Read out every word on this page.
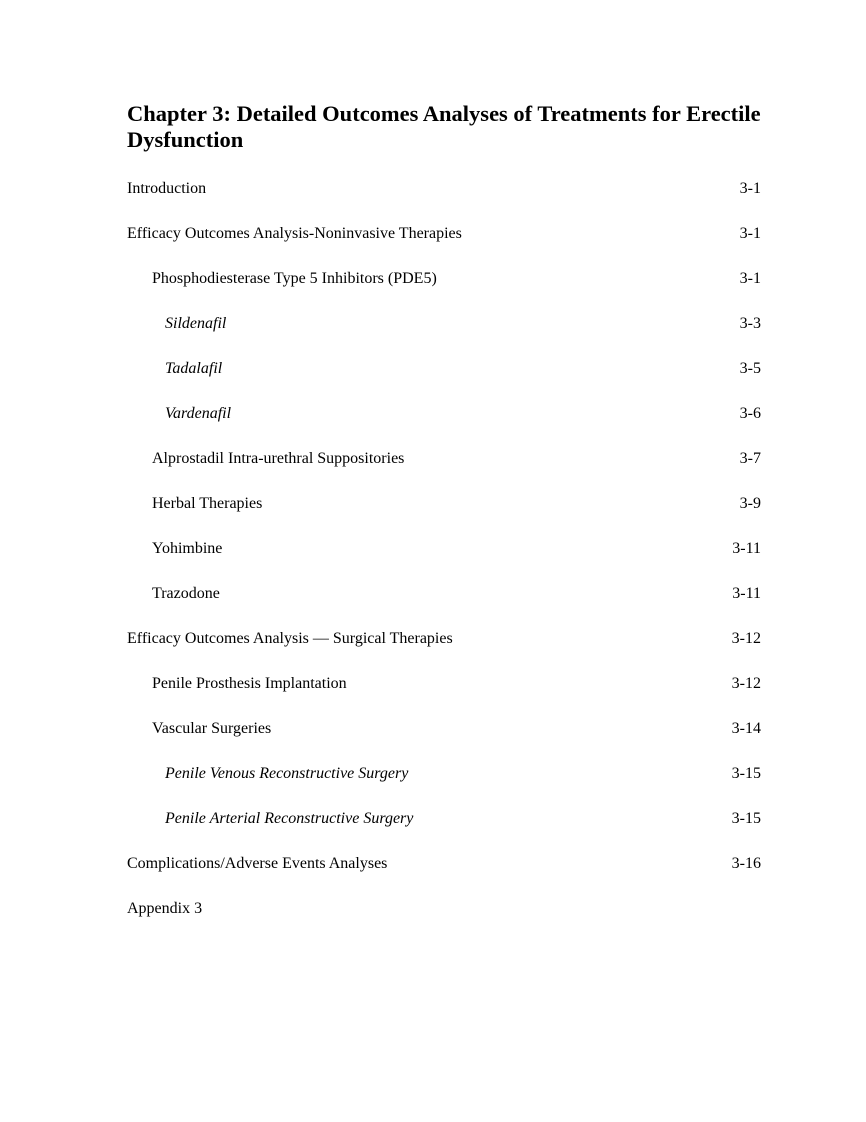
Chapter 3: Detailed Outcomes Analyses of Treatments for Erectile Dysfunction
Introduction	3-1
Efficacy Outcomes Analysis-Noninvasive Therapies	3-1
Phosphodiesterase Type 5 Inhibitors (PDE5)	3-1
Sildenafil	3-3
Tadalafil	3-5
Vardenafil	3-6
Alprostadil Intra-urethral Suppositories	3-7
Herbal Therapies	3-9
Yohimbine	3-11
Trazodone	3-11
Efficacy Outcomes Analysis — Surgical Therapies	3-12
Penile Prosthesis Implantation	3-12
Vascular Surgeries	3-14
Penile Venous Reconstructive Surgery	3-15
Penile Arterial Reconstructive Surgery	3-15
Complications/Adverse Events Analyses	3-16
Appendix 3
